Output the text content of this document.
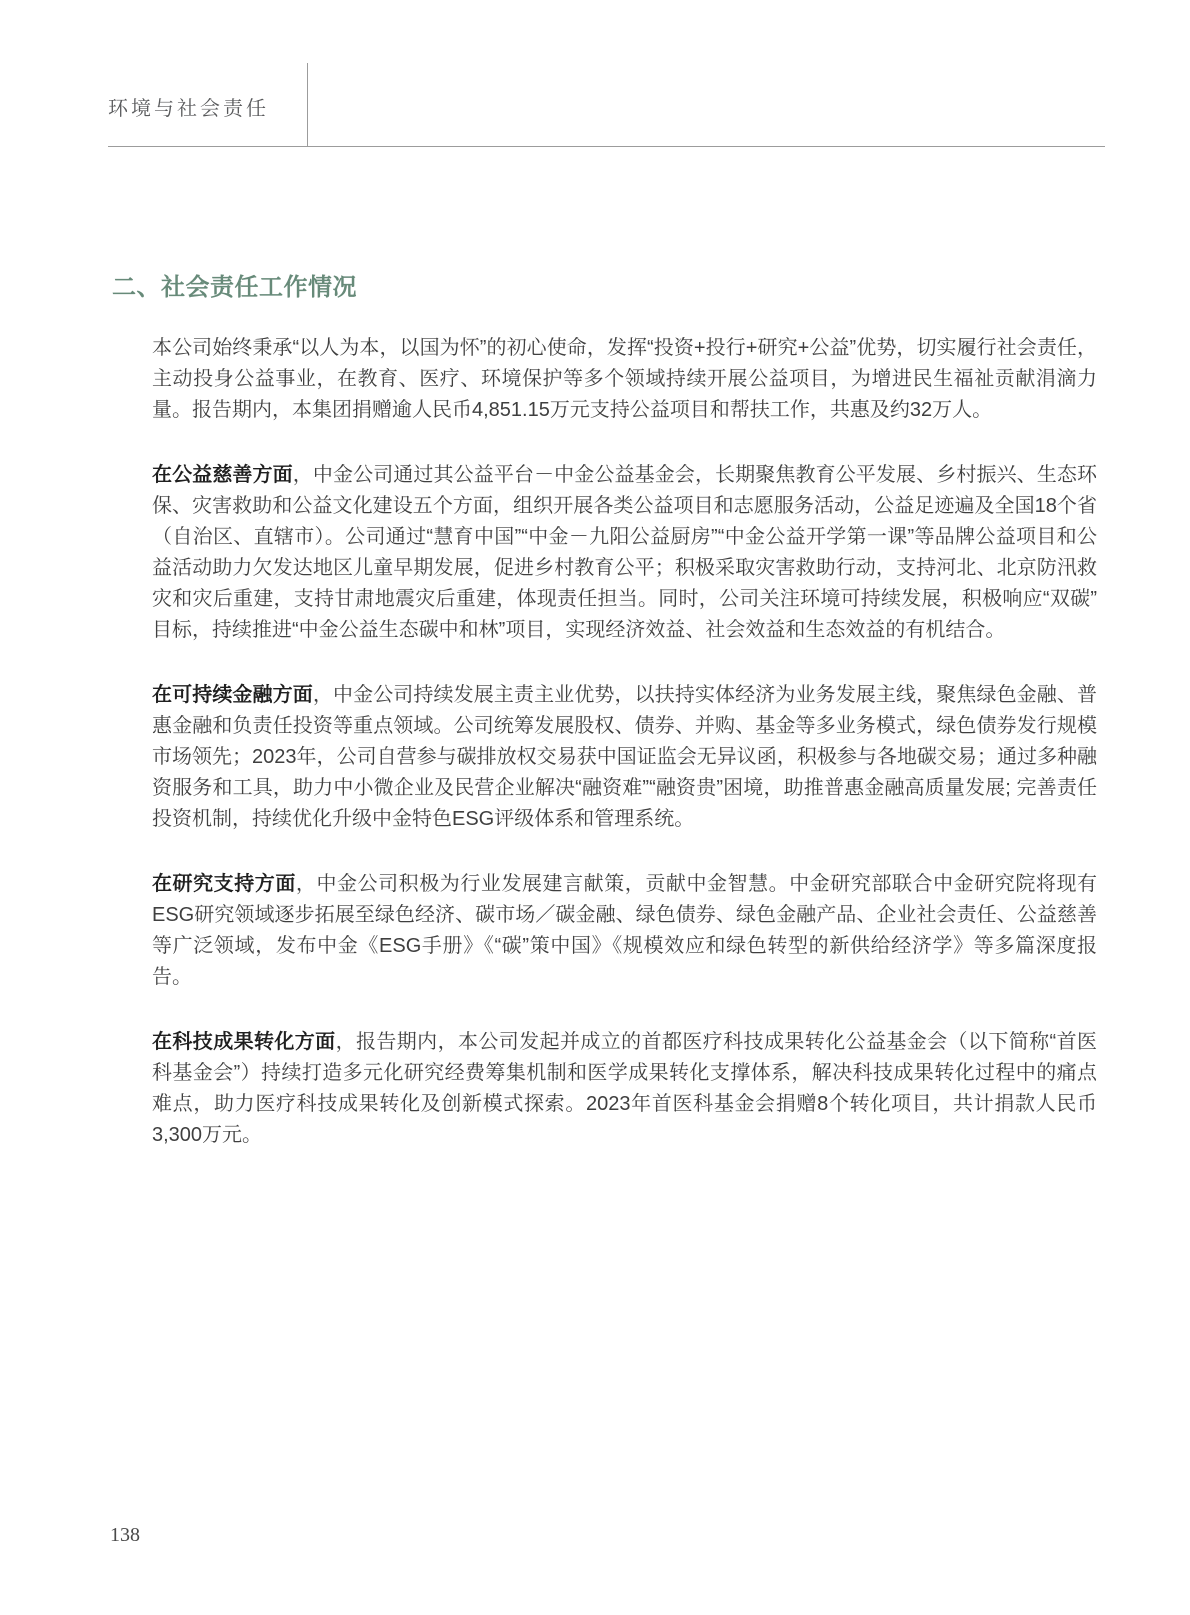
环境与社会责任
二、社会责任工作情况

本公司始终秉承“以人为本，以国为怀”的初心使命，发挥“投资+投行+研究+公益”优势，切实履行社会责任，主动投身公益事业，在教育、医疗、环境保护等多个领域持续开展公益项目，为增进民生福祉贡献涓滴力量。报告期内，本集团捐赠逾人民币4,851.15万元支持公益项目和帮扶工作，共惠及约32万人。

在公益慈善方面，中金公司通过其公益平台－中金公益基金会，长期聚焦教育公平发展、乡村振兴、生态环保、灾害救助和公益文化建设五个方面，组织开展各类公益项目和志愿服务活动，公益足迹遍及全国18个省（自治区、直辖市）。公司通过“慧育中国”“中金－九阳公益厨房”“中金公益开学第一课”等品牌公益项目和公益活动助力欠发达地区儿童早期发展，促进乡村教育公平；积极采取灾害救助行动，支持河北、北京防汛救灾和灾后重建，支持甘肃地震灾后重建，体现责任担当。同时，公司关注环境可持续发展，积极响应“双碳”目标，持续推进“中金公益生态碳中和林”项目，实现经济效益、社会效益和生态效益的有机结合。

在可持续金融方面，中金公司持续发展主责主业优势，以扶持实体经济为业务发展主线，聚焦绿色金融、普惠金融和负责任投资等重点领域。公司统筹发展股权、债券、并购、基金等多业务模式，绿色债券发行规模市场领先；2023年，公司自营参与碳排放权交易获中国证监会无异议函，积极参与各地碳交易；通过多种融资服务和工具，助力中小微企业及民营企业解决“融资难”“融资贵”困境，助推普惠金融高质量发展; 完善责任投资机制，持续优化升级中金特色ESG评级体系和管理系统。

在研究支持方面，中金公司积极为行业发展建言献策，贡献中金智慧。中金研究部联合中金研究院将现有ESG研究领域逐步拓展至绿色经济、碳市场／碳金融、绿色债券、绿色金融产品、企业社会责任、公益慈善等广泛领域，发布中金《ESG手册》《“碳”策中国》《规模效应和绿色转型的新供给经济学》等多篇深度报告。

在科技成果转化方面，报告期内，本公司发起并成立的首都医疗科技成果转化公益基金会（以下简称“首医科基金会”）持续打造多元化研究经费筹集机制和医学成果转化支撑体系，解决科技成果转化过程中的痛点难点，助力医疗科技成果转化及创新模式探索。2023年首医科基金会捐赠8个转化项目，共计捐款人民币3,300万元。

138
